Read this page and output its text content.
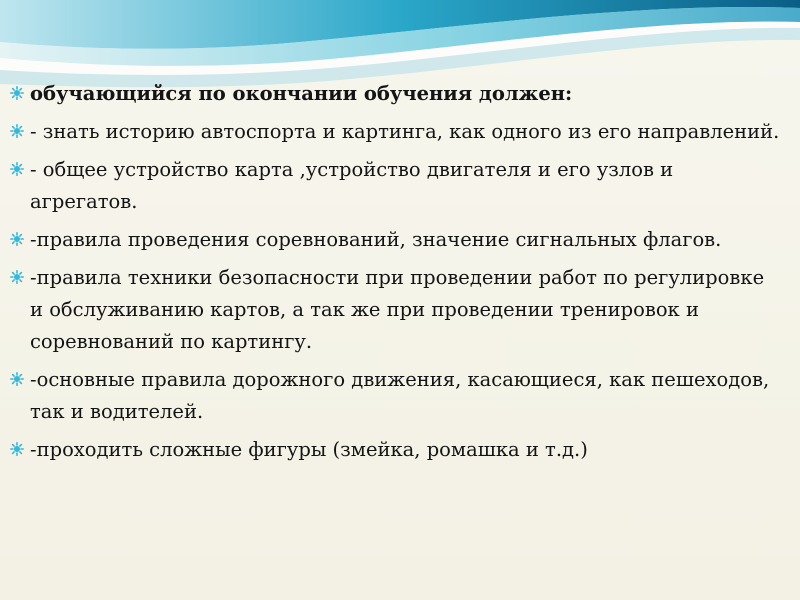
обучающийся по окончании обучения должен:
- знать историю автоспорта и картинга, как одного из его направлений.
- общее устройство карта ,устройство двигателя и его узлов и агрегатов.
-правила проведения соревнований, значение сигнальных флагов.
-правила техники безопасности при проведении работ по регулировке и обслуживанию картов, а так же при проведении тренировок и соревнований по картингу.
-основные правила дорожного движения, касающиеся, как пешеходов, так и водителей.
-проходить сложные фигуры (змейка, ромашка и т.д.)
